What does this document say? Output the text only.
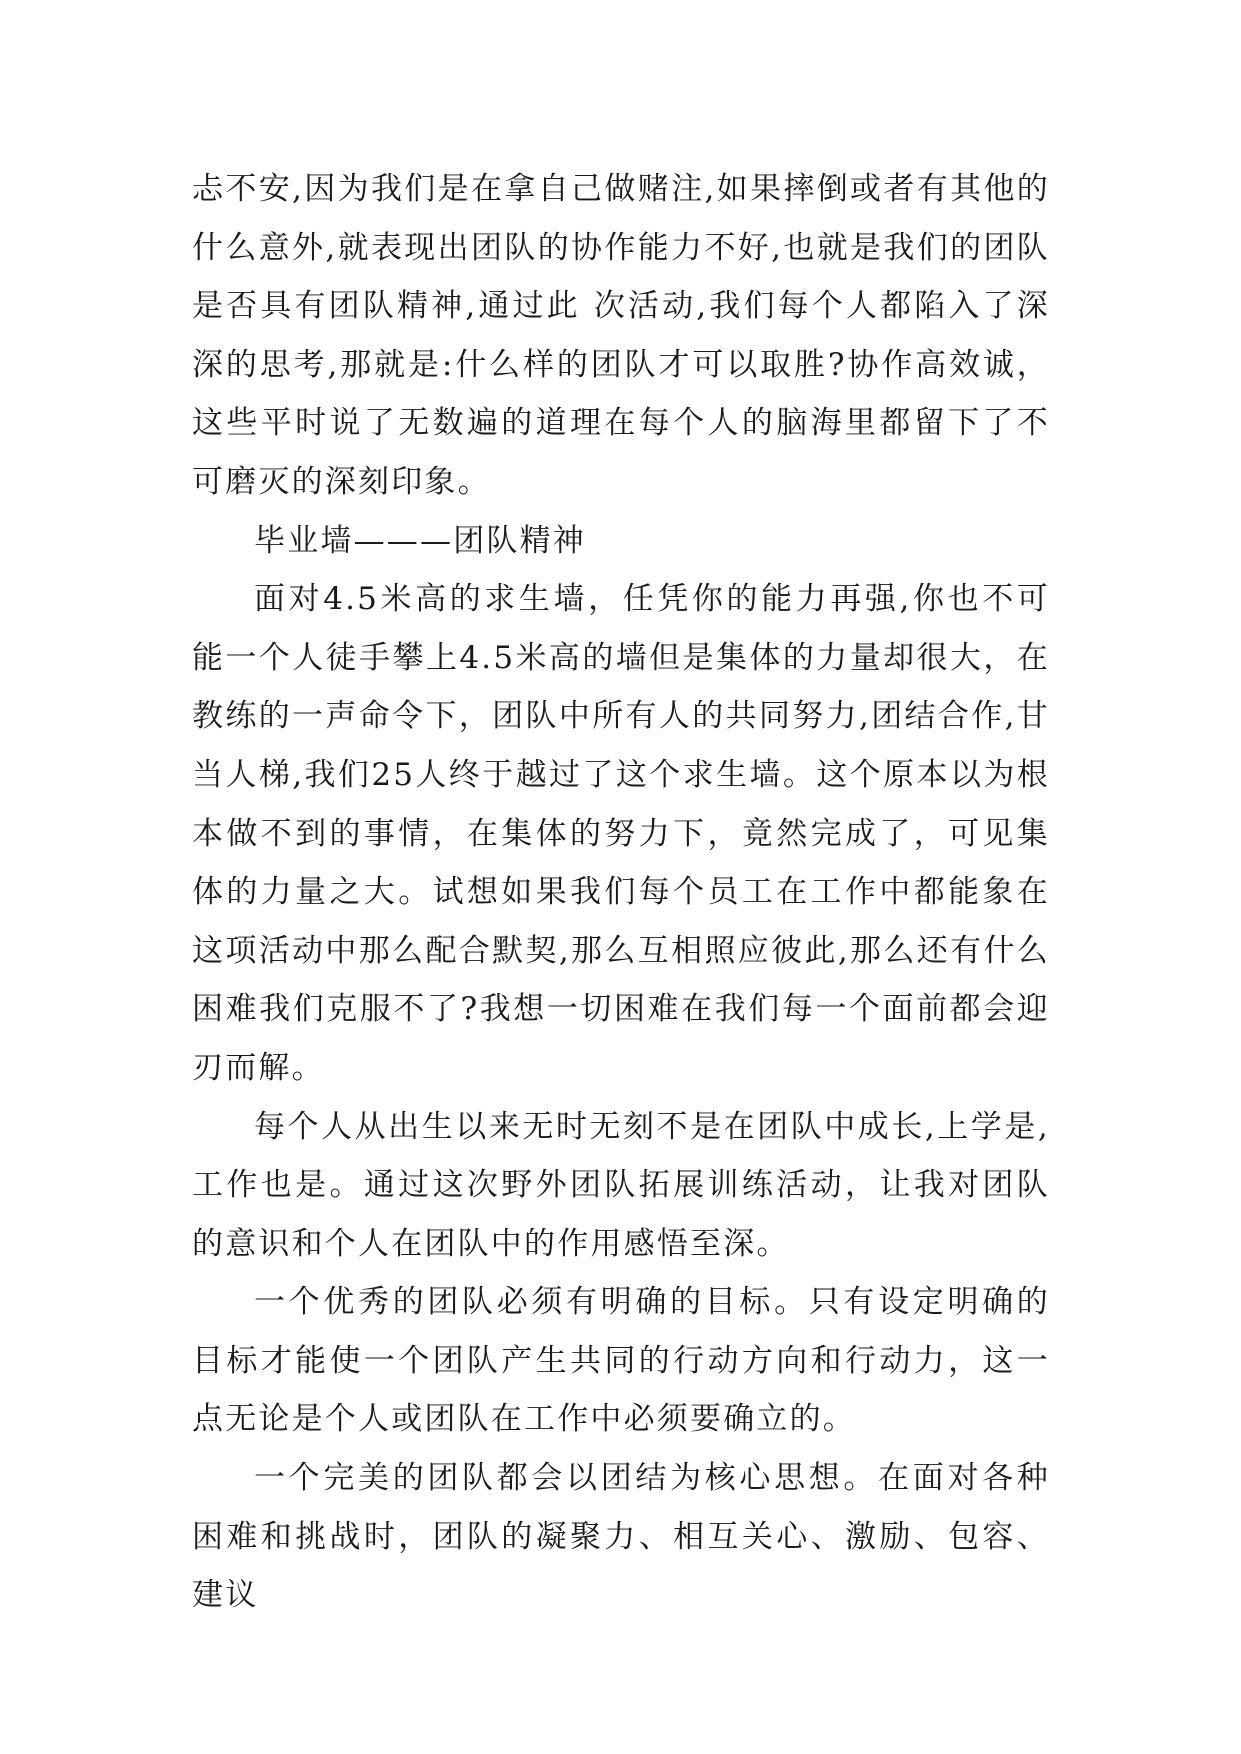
忐不安,因为我们是在拿自己做赌注,如果摔倒或者有其他的什么意外,就表现出团队的协作能力不好,也就是我们的团队是否具有团队精神,通过此 次活动,我们每个人都陷入了深深的思考,那就是:什么样的团队才可以取胜?协作高效诚，这些平时说了无数遍的道理在每个人的脑海里都留下了不可磨灭的深刻印象。

毕业墙———团队精神

面对4.5米高的求生墙，任凭你的能力再强,你也不可能一个人徒手攀上4.5米高的墙但是集体的力量却很大，在教练的一声命令下，团队中所有人的共同努力,团结合作,甘当人梯,我们25人终于越过了这个求生墙。这个原本以为根本做不到的事情，在集体的努力下，竟然完成了，可见集体的力量之大。试想如果我们每个员工在工作中都能象在这项活动中那么配合默契,那么互相照应彼此,那么还有什么困难我们克服不了?我想一切困难在我们每一个面前都会迎刃而解。

每个人从出生以来无时无刻不是在团队中成长,上学是,工作也是。通过这次野外团队拓展训练活动，让我对团队的意识和个人在团队中的作用感悟至深。

一个优秀的团队必须有明确的目标。只有设定明确的目标才能使一个团队产生共同的行动方向和行动力，这一点无论是个人或团队在工作中必须要确立的。

一个完美的团队都会以团结为核心思想。在面对各种困难和挑战时，团队的凝聚力、相互关心、激励、包容、建议
